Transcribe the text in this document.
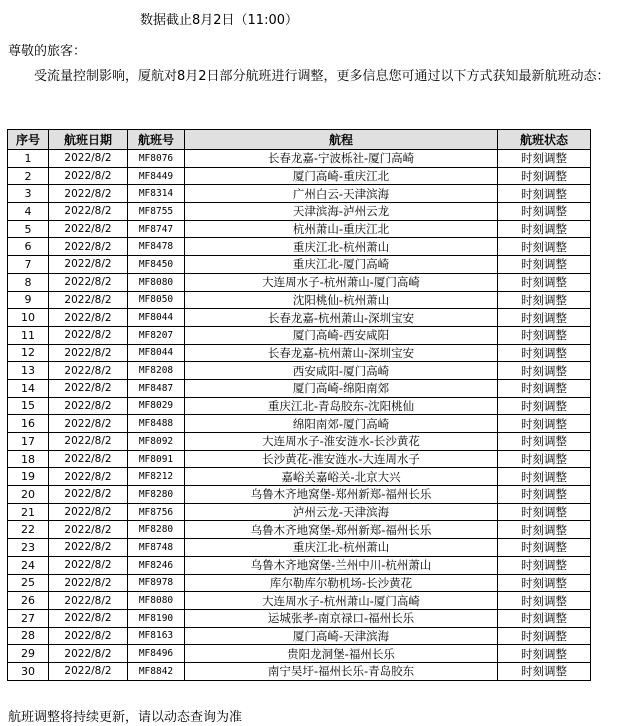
数据截止8月2日（11:00）
尊敬的旅客：
受流量控制影响，厦航对8月2日部分航班进行调整，更多信息您可通过以下方式获知最新航班动态：
序号	航班日期	航班号	航程	航班状态
1	2022/8/2	MF8076	长春龙嘉-宁波栎社-厦门高崎	时刻调整
2	2022/8/2	MF8449	厦门高崎-重庆江北	时刻调整
3	2022/8/2	MF8314	广州白云-天津滨海	时刻调整
4	2022/8/2	MF8755	天津滨海-泸州云龙	时刻调整
5	2022/8/2	MF8747	杭州萧山-重庆江北	时刻调整
6	2022/8/2	MF8478	重庆江北-杭州萧山	时刻调整
7	2022/8/2	MF8450	重庆江北-厦门高崎	时刻调整
8	2022/8/2	MF8080	大连周水子-杭州萧山-厦门高崎	时刻调整
9	2022/8/2	MF8050	沈阳桃仙-杭州萧山	时刻调整
10	2022/8/2	MF8044	长春龙嘉-杭州萧山-深圳宝安	时刻调整
11	2022/8/2	MF8207	厦门高崎-西安咸阳	时刻调整
12	2022/8/2	MF8044	长春龙嘉-杭州萧山-深圳宝安	时刻调整
13	2022/8/2	MF8208	西安咸阳-厦门高崎	时刻调整
14	2022/8/2	MF8487	厦门高崎-绵阳南郊	时刻调整
15	2022/8/2	MF8029	重庆江北-青岛胶东-沈阳桃仙	时刻调整
16	2022/8/2	MF8488	绵阳南郊-厦门高崎	时刻调整
17	2022/8/2	MF8092	大连周水子-淮安涟水-长沙黄花	时刻调整
18	2022/8/2	MF8091	长沙黄花-淮安涟水-大连周水子	时刻调整
19	2022/8/2	MF8212	嘉峪关嘉峪关-北京大兴	时刻调整
20	2022/8/2	MF8280	乌鲁木齐地窝堡-郑州新郑-福州长乐	时刻调整
21	2022/8/2	MF8756	泸州云龙-天津滨海	时刻调整
22	2022/8/2	MF8280	乌鲁木齐地窝堡-郑州新郑-福州长乐	时刻调整
23	2022/8/2	MF8748	重庆江北-杭州萧山	时刻调整
24	2022/8/2	MF8246	乌鲁木齐地窝堡-兰州中川-杭州萧山	时刻调整
25	2022/8/2	MF8978	库尔勒库尔勒机场-长沙黄花	时刻调整
26	2022/8/2	MF8080	大连周水子-杭州萧山-厦门高崎	时刻调整
27	2022/8/2	MF8190	运城张孝-南京禄口-福州长乐	时刻调整
28	2022/8/2	MF8163	厦门高崎-天津滨海	时刻调整
29	2022/8/2	MF8496	贵阳龙洞堡-福州长乐	时刻调整
30	2022/8/2	MF8842	南宁吴圩-福州长乐-青岛胶东	时刻调整
航班调整将持续更新，请以动态查询为准
